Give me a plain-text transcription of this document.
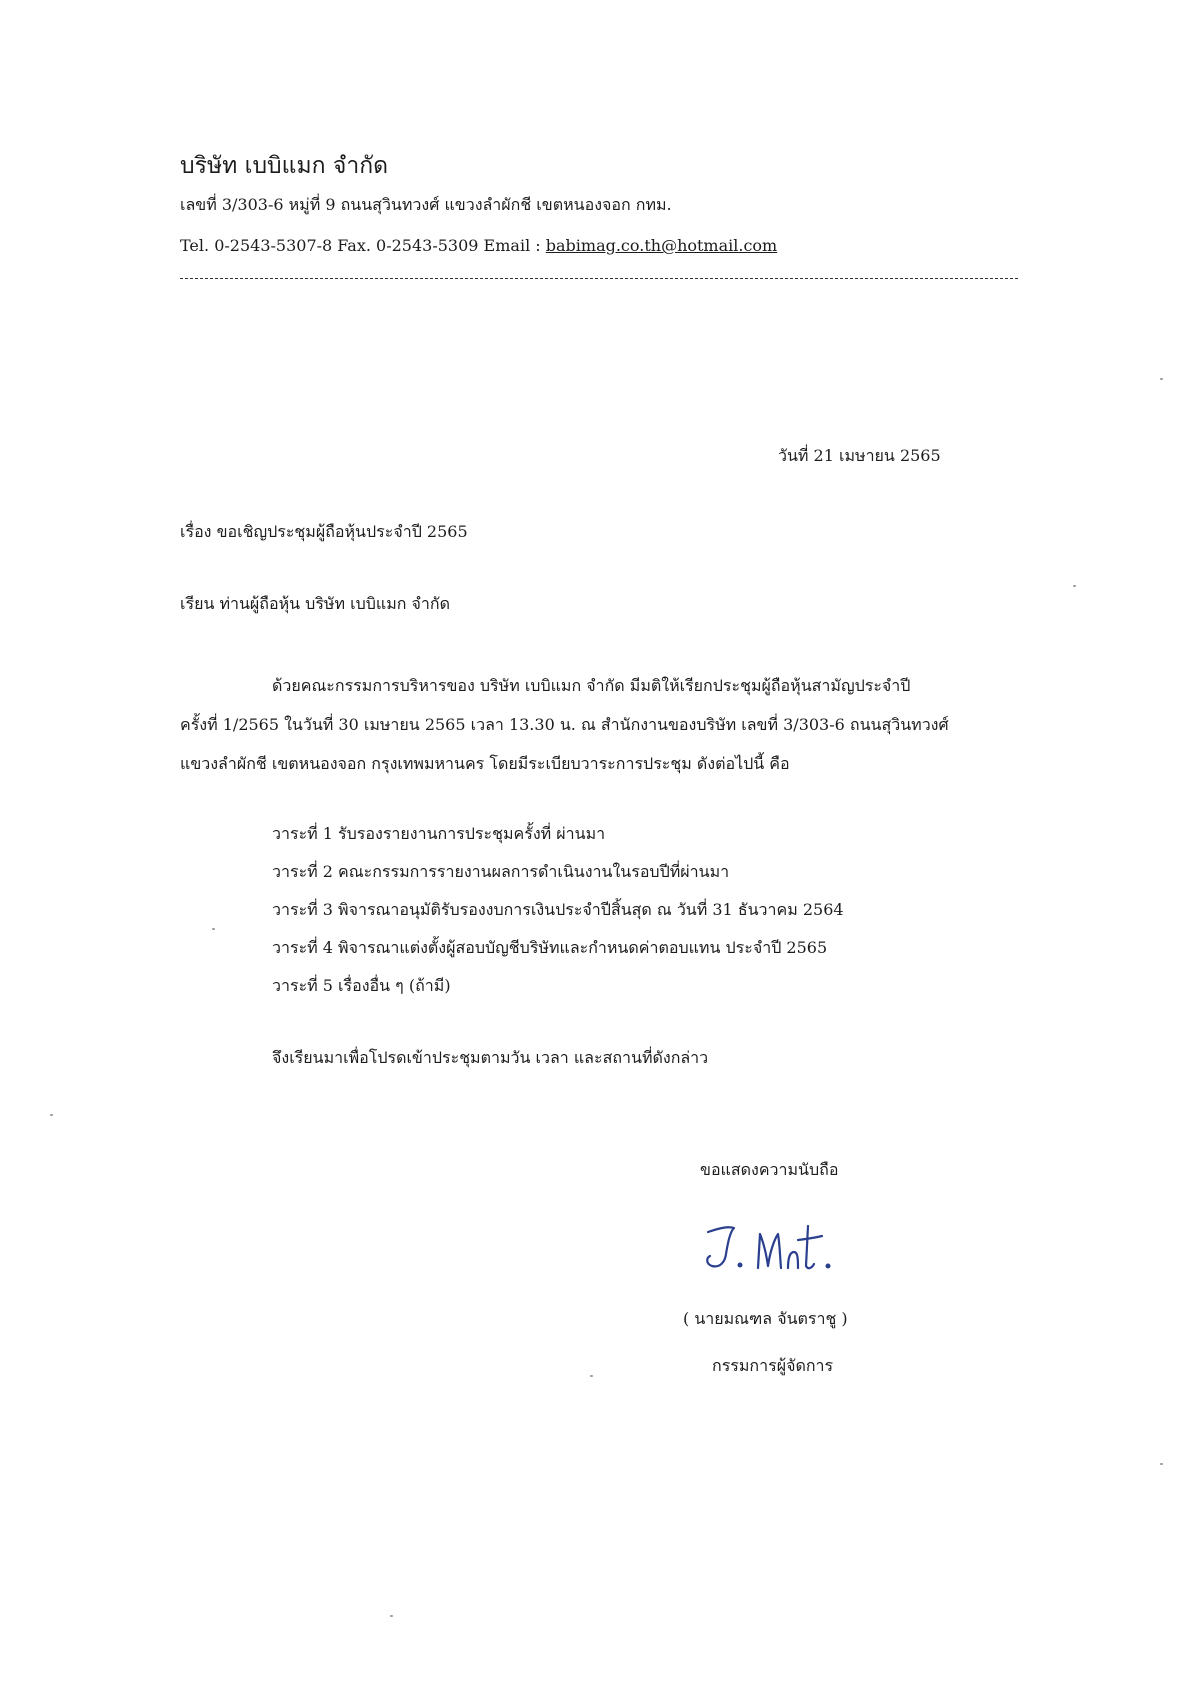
บริษัท เบบิแมก จำกัด
เลขที่ 3/303-6 หมู่ที่ 9 ถนนสุวินทวงศ์ แขวงลำผักชี เขตหนองจอก กทม.
Tel. 0-2543-5307-8 Fax. 0-2543-5309 Email : babimag.co.th@hotmail.com
วันที่ 21 เมษายน 2565
เรื่อง ขอเชิญประชุมผู้ถือหุ้นประจำปี 2565
เรียน ท่านผู้ถือหุ้น บริษัท เบบิแมก จำกัด

ด้วยคณะกรรมการบริหารของ บริษัท เบบิแมก จำกัด มีมติให้เรียกประชุมผู้ถือหุ้นสามัญประจำปี

ครั้งที่ 1/2565 ในวันที่ 30 เมษายน 2565 เวลา 13.30 น. ณ สำนักงานของบริษัท เลขที่ 3/303-6 ถนนสุวินทวงศ์

แขวงลำผักชี เขตหนองจอก กรุงเทพมหานคร โดยมีระเบียบวาระการประชุม ดังต่อไปนี้ คือ

วาระที่ 1 รับรองรายงานการประชุมครั้งที่ ผ่านมา
วาระที่ 2 คณะกรรมการรายงานผลการดำเนินงานในรอบปีที่ผ่านมา
วาระที่ 3 พิจารณาอนุมัติรับรองงบการเงินประจำปีสิ้นสุด ณ วันที่ 31 ธันวาคม 2564
วาระที่ 4 พิจารณาแต่งตั้งผู้สอบบัญชีบริษัทและกำหนดค่าตอบแทน ประจำปี 2565
วาระที่ 5 เรื่องอื่น ๆ (ถ้ามี)
จึงเรียนมาเพื่อโปรดเข้าประชุมตามวัน เวลา และสถานที่ดังกล่าว
ขอแสดงความนับถือ
( นายมณฑล จันตราชู )
กรรมการผู้จัดการ
